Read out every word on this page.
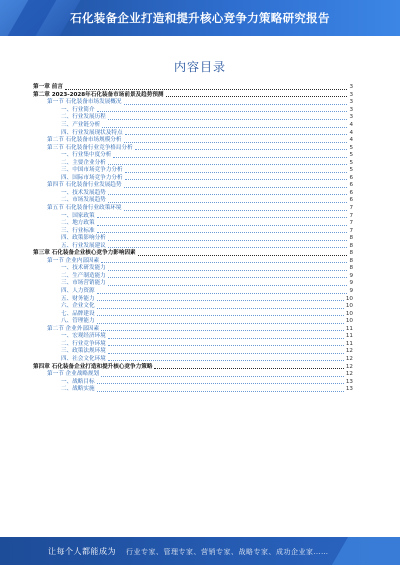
石化装备企业打造和提升核心竞争力策略研究报告
内容目录
第一章 前言	3
第二章 2023-2028年石化装备市场前景及趋势预测	3
第一节 石化装备市场发展概况	3
一、行业简介	3
二、行业发展历程	3
三、产业链分析	4
四、行业发展现状及特点	4
第二节 石化装备市场规模分析	4
第三节 石化装备行业竞争格局分析	5
一、行业集中度分析	5
二、主要企业分析	5
三、中国市场竞争力分析	5
四、国际市场竞争力分析	6
第四节 石化装备行业发展趋势	6
一、技术发展趋势	6
二、市场发展趋势	6
第五节 石化装备行业政策环境	7
一、国家政策	7
二、地方政策	7
三、行业标准	7
四、政策影响分析	8
五、行业发展建议	8
第三章 石化装备企业核心竞争力影响因素	8
第一节 企业内部因素	8
一、技术研发能力	8
二、生产制造能力	9
三、市场营销能力	9
四、人力资源	9
五、财务能力	10
六、企业文化	10
七、品牌建设	10
八、管理能力	10
第二节 企业外部因素	11
一、宏观经济环境	11
二、行业竞争环境	11
三、政策法规环境	12
四、社会文化环境	12
第四章 石化装备企业打造和提升核心竞争力策略	12
第一节 企业战略规划	12
一、战略目标	13
二、战略实施	13
让每个人都能成为 行业专家、管理专家、营销专家、战略专家、成功企业家……
